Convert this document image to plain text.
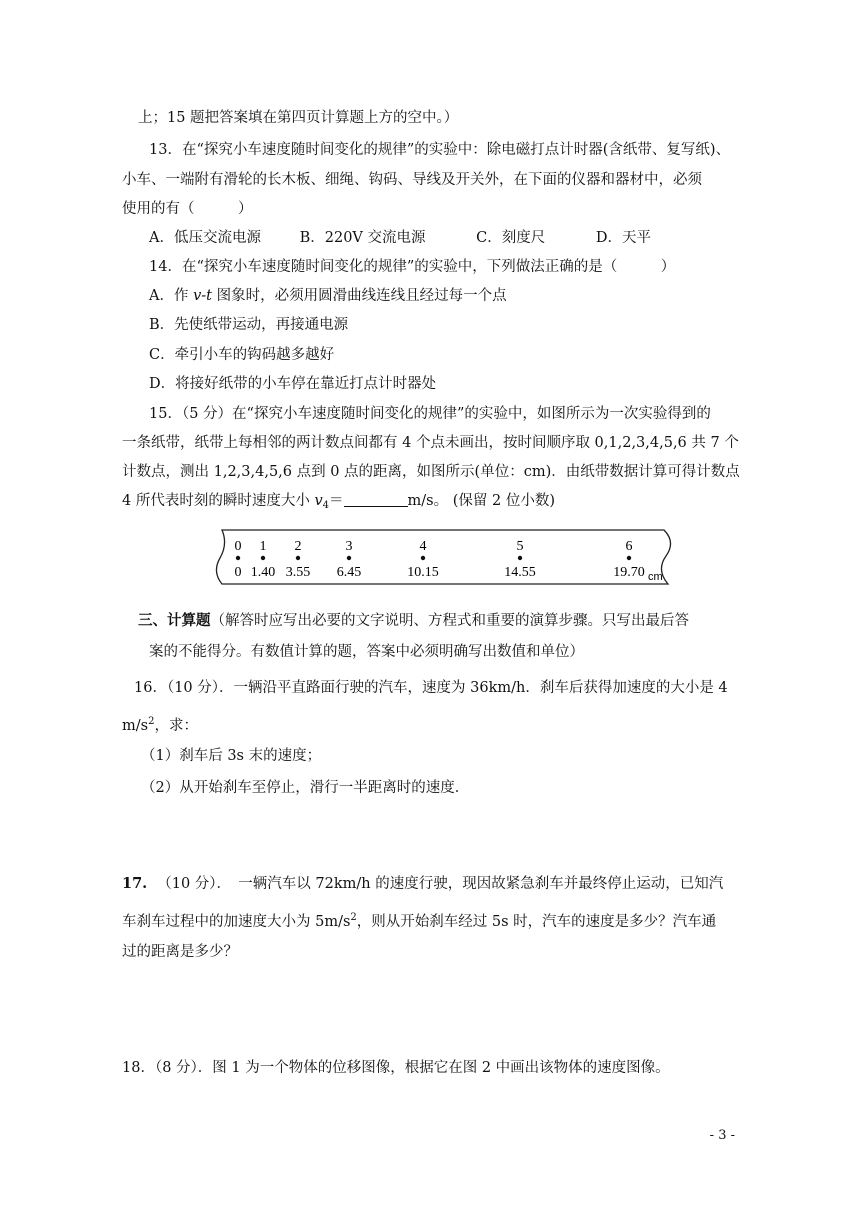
上；15 题把答案填在第四页计算题上方的空中。）
13．在“探究小车速度随时间变化的规律”的实验中：除电磁打点计时器(含纸带、复写纸)、
小车、一端附有滑轮的长木板、细绳、钩码、导线及开关外，在下面的仪器和器材中，必须
使用的有（　　　）
A．低压交流电源	B．220V 交流电源	C．刻度尺	D．天平
14．在“探究小车速度随时间变化的规律”的实验中，下列做法正确的是（　　　）
A．作 v-t 图象时，必须用圆滑曲线连线且经过每一个点
B．先使纸带运动，再接通电源
C．牵引小车的钩码越多越好
D．将接好纸带的小车停在靠近打点计时器处
15．（5 分）在“探究小车速度随时间变化的规律”的实验中，如图所示为一次实验得到的
一条纸带，纸带上每相邻的两计数点间都有 4 个点未画出，按时间顺序取 0,1,2,3,4,5,6 共 7 个
计数点，测出 1,2,3,4,5,6 点到 0 点的距离，如图所示(单位：cm)．由纸带数据计算可得计数点
4 所代表时刻的瞬时速度大小 $v_4=$	m/s。 (保留 2 位小数)
0
0
1
1.40
2
3.55
3
6.45
4
10.15
5
14.55
6
19.70 cm
三、计算题（解答时应写出必要的文字说明、方程式和重要的演算步骤。只写出最后答
案的不能得分。有数值计算的题，答案中必须明确写出数值和单位）
16．（10 分）．一辆沿平直路面行驶的汽车，速度为 36km/h．刹车后获得加速度的大小是 4
$m/s^2$，求：
（1）刹车后 3s 末的速度；
（2）从开始刹车至停止，滑行一半距离时的速度．
17. （10 分）．　一辆汽车以 72km/h 的速度行驶，现因故紧急刹车并最终停止运动，已知汽
车刹车过程中的加速度大小为 $5m/s^2$，则从开始刹车经过 5s 时，汽车的速度是多少？汽车通
过的距离是多少？
18．（8 分）．图 1 为一个物体的位移图像，根据它在图 2 中画出该物体的速度图像。
- 3 -
